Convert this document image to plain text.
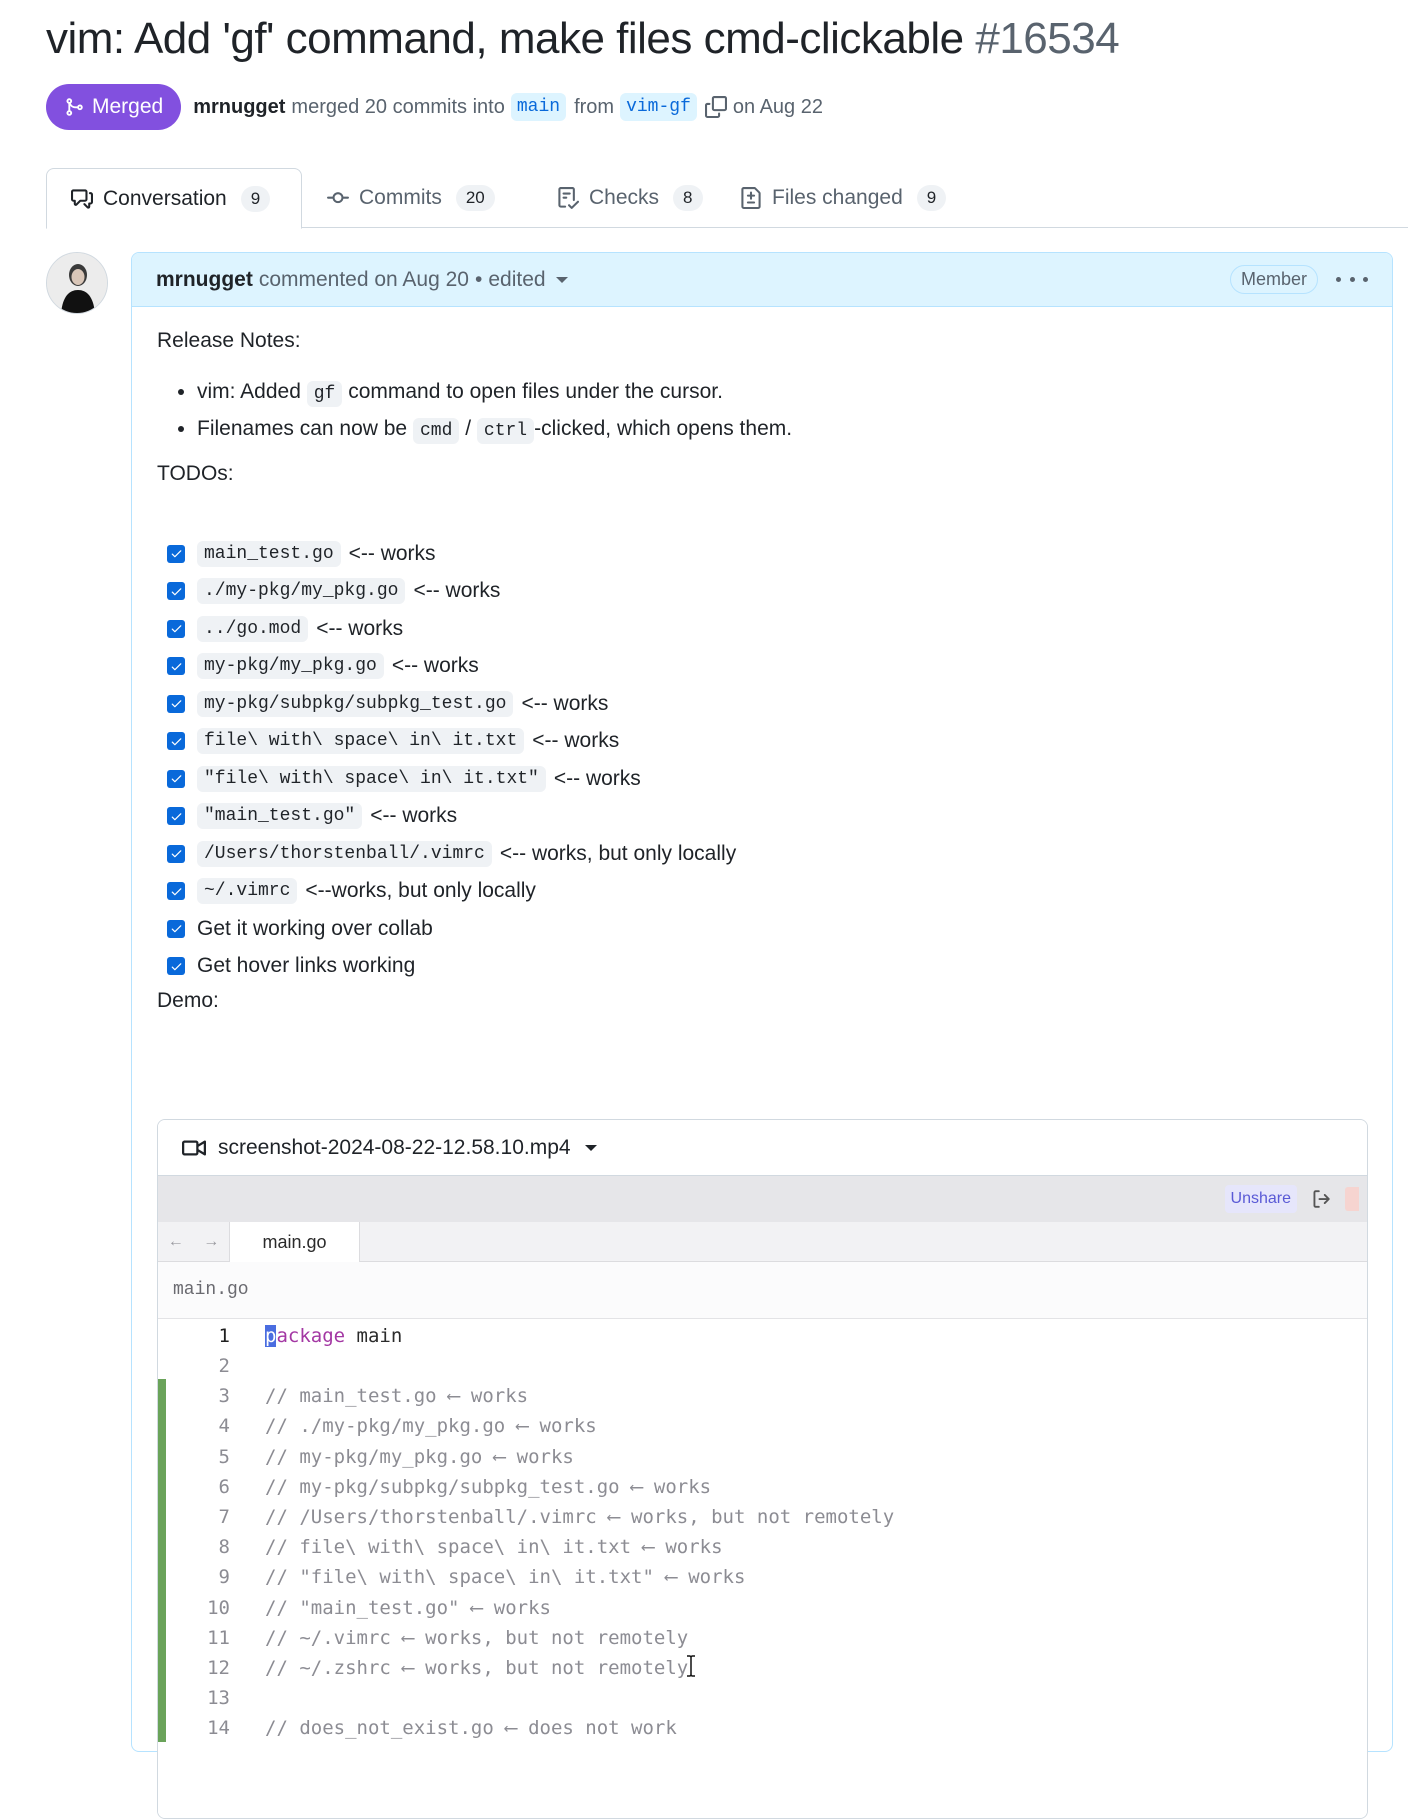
vim: Add 'gf' command, make files cmd-clickable #16534
Merged mrnugget merged 20 commits into main from vim-gf	on Aug 22
Conversation	9	Commits	20	Checks	8	Files changed	9
mrnugget commented on Aug 20 • edited	Member
Release Notes:
• vim: Added gf command to open files under the cursor.
• Filenames can now be cmd / ctrl -clicked, which opens them.
TODOs:
main_test.go <-- works
./my-pkg/my_pkg.go <-- works
../go.mod <-- works
my-pkg/my_pkg.go <-- works
my-pkg/subpkg/subpkg_test.go <-- works
file\ with\ space\ in\ it.txt <-- works
"file\ with\ space\ in\ it.txt" <-- works
"main_test.go" <-- works
/Users/thorstenball/.vimrc <-- works, but only locally
~/.vimrc <--works, but only locally
Get it working over collab
Get hover links working
Demo:
screenshot-2024-08-22-12.58.10.mp4
Unshare
← →	main.go
main.go
1 package main
2
3 // main_test.go ⟵ works
4 // ./my-pkg/my_pkg.go ⟵ works
5 // my-pkg/my_pkg.go ⟵ works
6 // my-pkg/subpkg/subpkg_test.go ⟵ works
7 // /Users/thorstenball/.vimrc ⟵ works, but not remotely
8 // file\ with\ space\ in\ it.txt ⟵ works
9 // "file\ with\ space\ in\ it.txt" ⟵ works
10 // "main_test.go" ⟵ works
11 // ~/.vimrc ⟵ works, but not remotely
12 // ~/.zshrc ⟵ works, but not remotely
13
14 // does_not_exist.go ⟵ does not work
